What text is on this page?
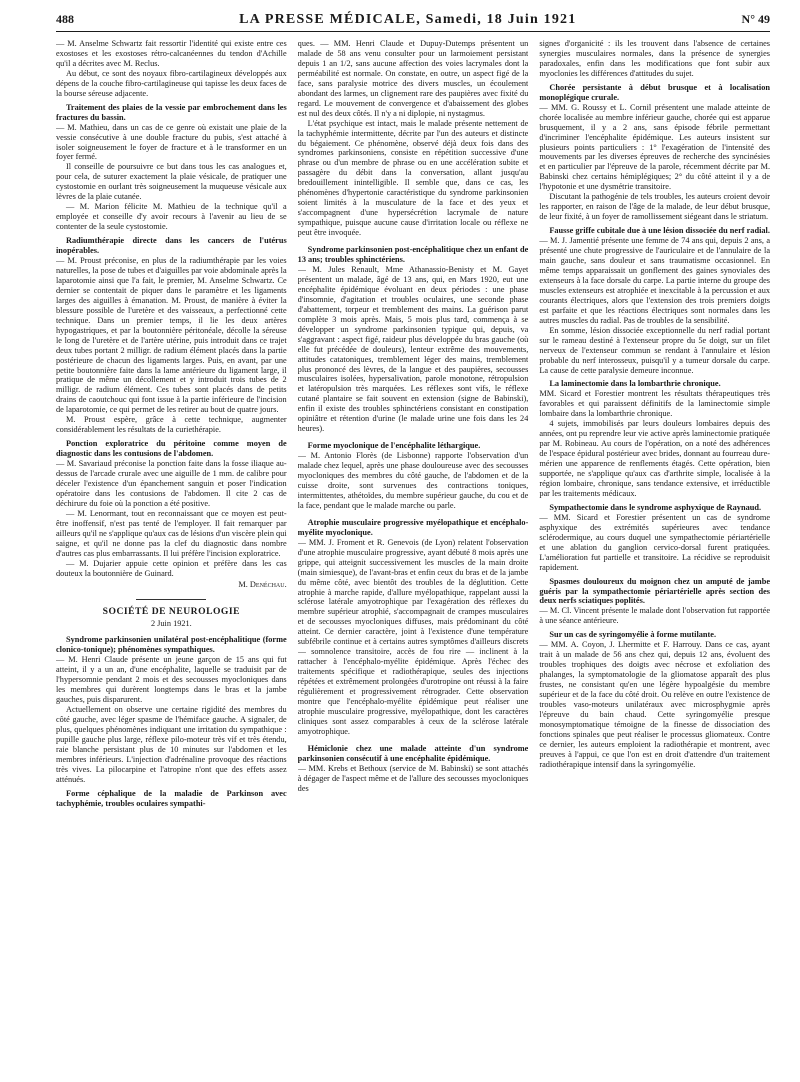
488	LA PRESSE MÉDICALE, Samedi, 18 Juin 1921	N° 49

— M. Anselme Schwartz fait ressortir l'identité qui existe entre ces exostoses et les exostoses rétro-calcanéennes du tendon d'Achille qu'il a décrites avec M. Reclus.

Au début, ce sont des noyaux fibro-cartilagineux développés aux dépens de la couche fibro-cartilagineuse qui tapisse les deux faces de la bourse séreuse adjacente.

Traitement des plaies de la vessie par embrochement dans les fractures du bassin.

— M. Mathieu, dans un cas de ce genre où existait une plaie de la vessie consécutive à une double fracture du pubis, s'est attaché à isoler soigneusement le foyer de fracture et à le transformer en un foyer fermé.

Il conseille de poursuivre ce but dans tous les cas analogues et, pour cela, de suturer exactement la plaie vésicale, de pratiquer une cystostomie en ourlant très soigneusement la muqueuse vésicale aux lèvres de la plaie cutanée.

— M. Marion félicite M. Mathieu de la technique qu'il a employée et conseille d'y avoir recours à l'avenir au lieu de se contenter de la seule cystostomie.

Radiumthérapie directe dans les cancers de l'utérus inopérables.

— M. Proust préconise, en plus de la radiumthérapie par les voies naturelles, la pose de tubes et d'aiguilles par voie abdominale après la laparotomie ainsi que l'a fait, le premier, M. Anselme Schwartz. Ce dernier se contentait de piquer dans le paramètre et les ligaments larges des aiguilles à émanation. M. Proust, de manière à éviter la blessure possible de l'uretère et des vaisseaux, a perfectionné cette technique. Dans un premier temps, il lie les deux artères hypogastriques, et par la boutonnière péritonéale, décolle la séreuse le long de l'uretère et de l'artère utérine, puis introduit dans ce trajet deux tubes portant 2 milligr. de radium élément placés dans la partie postérieure de chacun des ligaments larges. Puis, en avant, par une petite boutonnière faite dans la lame antérieure du ligament large, il pratique de même un décollement et y introduit trois tubes de 2 milligr. de radium élément. Ces tubes sont placés dans de petits drains de caoutchouc qui font issue à la partie inférieure de l'incision de laparotomie, ce qui permet de les retirer au bout de quatre jours.

M. Proust espère, grâce à cette technique, augmenter considérablement les résultats de la curiethérapie.

Ponction exploratrice du péritoine comme moyen de diagnostic dans les contusions de l'abdomen.

— M. Savariaud préconise la ponction faite dans la fosse iliaque au-dessus de l'arcade crurale avec une aiguille de 1 mm. de calibre pour déceler l'existence d'un épanchement sanguin et poser l'indication opératoire dans les contusions de l'abdomen. Il cite 2 cas de déchirure du foie où la ponction a été positive.

— M. Lenormant, tout en reconnaissant que ce moyen est peut-être inoffensif, n'est pas tenté de l'employer. Il fait remarquer par ailleurs qu'il ne s'applique qu'aux cas de lésions d'un viscère plein qui saigne, et qu'il ne donne pas la clef du diagnostic dans nombre d'autres cas plus embarrassants. Il lui préfère l'incision exploratrice.

— M. Dujarier appuie cette opinion et préfère dans les cas douteux la boutonnière de Guinard.

M. Denéchau.

SOCIÉTÉ DE NEUROLOGIE
2 Juin 1921.

Syndrome parkinsonien unilatéral post-encéphalitique (forme clonico-tonique); phénomènes sympathiques.

— M. Henri Claude présente un jeune garçon de 15 ans qui fut atteint, il y a un an, d'une encéphalite, laquelle se traduisit par de l'hypersomnie pendant 2 mois et des secousses myocloniques dans les membres qui durèrent longtemps dans le bras et la jambe gauches, puis disparurent.

Actuellement on observe une certaine rigidité des membres du côté gauche, avec léger spasme de l'hémiface gauche. A signaler, de plus, quelques phénomènes indiquant une irritation du sympathique : pupille gauche plus large, réflexe pilo-moteur très vif et très étendu, raie blanche persistant plus de 10 minutes sur l'abdomen et les membres inférieurs. L'injection d'adrénaline provoque des réactions très vives. La pilocarpine et l'atropine n'ont que des effets assez atténués.

Forme céphalique de la maladie de Parkinson avec tachyphémie, troubles oculaires sympathi-

ques. — MM. Henri Claude et Dupuy-Dutemps présentent un malade de 58 ans venu consulter pour un larmoiement persistant depuis 1 an 1/2, sans aucune affection des voies lacrymales dont la perméabilité est normale. On constate, en outre, un aspect figé de la face, sans paralysie motrice des divers muscles, un écoulement abondant des larmes, un clignement rare des paupières avec fixité du regard. Le mouvement de convergence et d'abaissement des globes est nul des deux côtés. Il n'y a ni diplopie, ni nystagmus.

L'état psychique est intact, mais le malade présente nettement de la tachyphémie intermittente, décrite par l'un des auteurs et distincte du bégaiement. Ce phénomène, observé déjà deux fois dans des syndromes parkinsoniens, consiste en répétition successive d'une phrase ou d'un membre de phrase ou en une accélération subite et passagère du débit dans la conversation, allant jusqu'au bredouillement inintelligible. Il semble que, dans ce cas, les phénomènes d'hypertonie caractéristique du syndrome parkinsonien soient limités à la musculature de la face et des yeux et s'accompagnent d'une hypersécrétion lacrymale de nature sympathique, puisque aucune cause d'irritation locale ou réflexe ne peut être invoquée.

Syndrome parkinsonien post-encéphalitique chez un enfant de 13 ans; troubles sphinctériens.

— M. Jules Renault, Mme Athanassio-Benisty et M. Gayet présentent un malade, âgé de 13 ans, qui, en Mars 1920, eut une encéphalite épidémique évoluant en deux périodes : une phase d'insomnie, d'agitation et troubles oculaires, une seconde phase d'abattement, torpeur et tremblement des mains. La guérison parut complète 3 mois après. Mais, 5 mois plus tard, commença à se développer un syndrome parkinsonien typique qui, depuis, va s'aggravant : aspect figé, raideur plus développée du bras gauche (où elle fut précédée de douleurs), lenteur extrême des mouvements, attitudes catatoniques, tremblement léger des mains, tremblement plus prononcé des lèvres, de la langue et des paupières, secousses musculaires isolées, hypersalivation, parole monotone, rétropulsion et latéropulsion très marquées. Les réflexes sont vifs, le réflexe cutané plantaire se fait souvent en extension (signe de Babinski), enfin il existe des troubles sphinctériens consistant en constipation opiniâtre et rétention d'urine (le malade urine une fois dans les 24 heures).

Forme myoclonique de l'encéphalite léthargique.

— M. Antonio Florès (de Lisbonne) rapporte l'observation d'un malade chez lequel, après une phase douloureuse avec des secousses myocloniques des membres du côté gauche, de l'abdomen et de la cuisse droite, sont survenues des contractions toniques, intermittentes, athétoïdes, du membre supérieur gauche, du cou et de la face, pendant que le malade marche ou parle.

Atrophie musculaire progressive myélopathique et encéphalo-myélite myoclonique.

— MM. J. Froment et R. Genevois (de Lyon) relatent l'observation d'une atrophie musculaire progressive, ayant débuté 8 mois après une grippe, qui atteignit successivement les muscles de la main droite (main simiesque), de l'avant-bras et enfin ceux du bras et de la jambe du même côté, avec bientôt des troubles de la déglutition. Cette atrophie à marche rapide, d'allure myélopathique, rappelant aussi la sclérose latérale amyotrophique par l'exagération des réflexes du membre supérieur atrophié, s'accompagnait de crampes musculaires et de secousses myocloniques diffuses, mais prédominant du côté atteint. Ce dernier caractère, joint à l'existence d'une température subfébrile continue et à certains autres symptômes d'ailleurs discrets — somnolence transitoire, accès de fou rire — inclinent à la rattacher à l'encéphalo-myélite épidémique. Après l'échec des traitements spécifique et radiothérapique, seules des injections répétées et extrêmement prolongées d'urotropine ont réussi à la faire régulièrement et progressivement rétrograder. Cette observation montre que l'encéphalo-myélite épidémique peut réaliser une atrophie musculaire progressive, myélopathique, dont les caractères cliniques sont assez comparables à ceux de la sclérose latérale amyotrophique.

Hémiclonie chez une malade atteinte d'un syndrome parkinsonien consécutif à une encéphalite épidémique.

— MM. Krebs et Bethoux (service de M. Babinski) se sont attachés à dégager de l'aspect même et de l'allure des secousses myocloniques des

signes d'organicité : ils les trouvent dans l'absence de certaines synergies musculaires normales, dans la présence de synergies paradoxales, enfin dans les modifications que font subir aux myoclonies les différences d'attitudes du sujet.

Chorée persistante à début brusque et à localisation monoplégique crurale.

— MM. G. Roussy et L. Cornil présentent une malade atteinte de chorée localisée au membre inférieur gauche, chorée qui est apparue brusquement, il y a 2 ans, sans épisode fébrile permettant d'incriminer l'encéphalite épidémique. Les auteurs insistent sur plusieurs points particuliers : 1° l'exagération de l'intensité des mouvements par les diverses épreuves de recherche des syncinésies et en particulier par l'épreuve de la parole, récemment décrite par M. Babinski chez certains hémiplégiques; 2° du côté atteint il y a de l'hypotonie et une dysmétrie transitoire.

Discutant la pathogénie de tels troubles, les auteurs croient devoir les rapporter, en raison de l'âge de la malade, de leur début brusque, de leur fixité, à un foyer de ramollissement siégeant dans le striatum.

Fausse griffe cubitale due à une lésion dissociée du nerf radial.

— M. J. Jamentié présente une femme de 74 ans qui, depuis 2 ans, a présenté une chute progressive de l'auriculaire et de l'annulaire de la main gauche, sans douleur et sans traumatisme occasionnel. En même temps apparaissait un gonflement des gaines synoviales des extenseurs à la face dorsale du carpe. La partie interne du groupe des muscles extenseurs est atrophiée et inexcitable à la percussion et aux courants électriques, alors que l'extension des trois premiers doigts est parfaite et que les réactions électriques sont normales dans les autres muscles du radial. Pas de troubles de la sensibilité.

En somme, lésion dissociée exceptionnelle du nerf radial portant sur le rameau destiné à l'extenseur propre du 5e doigt, sur un filet nerveux de l'extenseur commun se rendant à l'annulaire et lésion probable du nerf interosseux, puisqu'il y a tumeur dorsale du carpe. La cause de cette paralysie demeure inconnue.

La laminectomie dans la lombarthrie chronique.

MM. Sicard et Forestier montrent les résultats thérapeutiques très favorables et qui paraissent définitifs de la laminectomie simple lombaire dans la lombarthrie chronique.

4 sujets, immobilisés par leurs douleurs lombaires depuis des années, ont pu reprendre leur vie active après laminectomie pratiquée par M. Robineau. Au cours de l'opération, on a noté des adhérences de l'espace épidural postérieur avec brides, donnant au fourreau dure-mérien une apparence de renflements étagés. Cette opération, bien supportée, ne s'applique qu'aux cas d'arthrite simple, localisée à la région lombaire, chronique, sans tendance extensive, et irréductible par les traitements médicaux.

Sympathectomie dans le syndrome asphyxique de Raynaud.

— MM. Sicard et Forestier présentent un cas de syndrome asphyxique des extrémités supérieures avec tendance sclérodermique, au cours duquel une sympathectomie périartérielle et une ablation du ganglion cervico-dorsal furent pratiquées. L'amélioration fut partielle et transitoire. La récidive se reproduisit rapidement.

Spasmes douloureux du moignon chez un amputé de jambe guéris par la sympathectomie périartérielle après section des deux nerfs sciatiques poplités.

— M. Cl. Vincent présente le malade dont l'observation fut rapportée à une séance antérieure.

Sur un cas de syringomyélie à forme mutilante.

— MM. A. Coyon, J. Lhermitte et F. Harrouy. Dans ce cas, ayant trait à un malade de 56 ans chez qui, depuis 12 ans, évoluent des troubles trophiques des doigts avec nécrose et exfoliation des phalanges, la symptomatologie de la gliomatose apparaît des plus frustes, ne consistant qu'en une légère hypoalgésie du membre supérieur et de la face du côté droit. Ou relève en outre l'existence de troubles vaso-moteurs unilatéraux avec microsphygmie après l'épreuve du bain chaud. Cette syringomyélie presque monosymptomatique témoigne de la finesse de dissociation des fonctions spinales que peut réaliser le processus gliomateux. Contre ce dernier, les auteurs emploient la radiothérapie et montrent, avec preuves à l'appui, ce que l'on est en droit d'attendre d'un traitement radiothérapique intensif dans la syringomyélie.
